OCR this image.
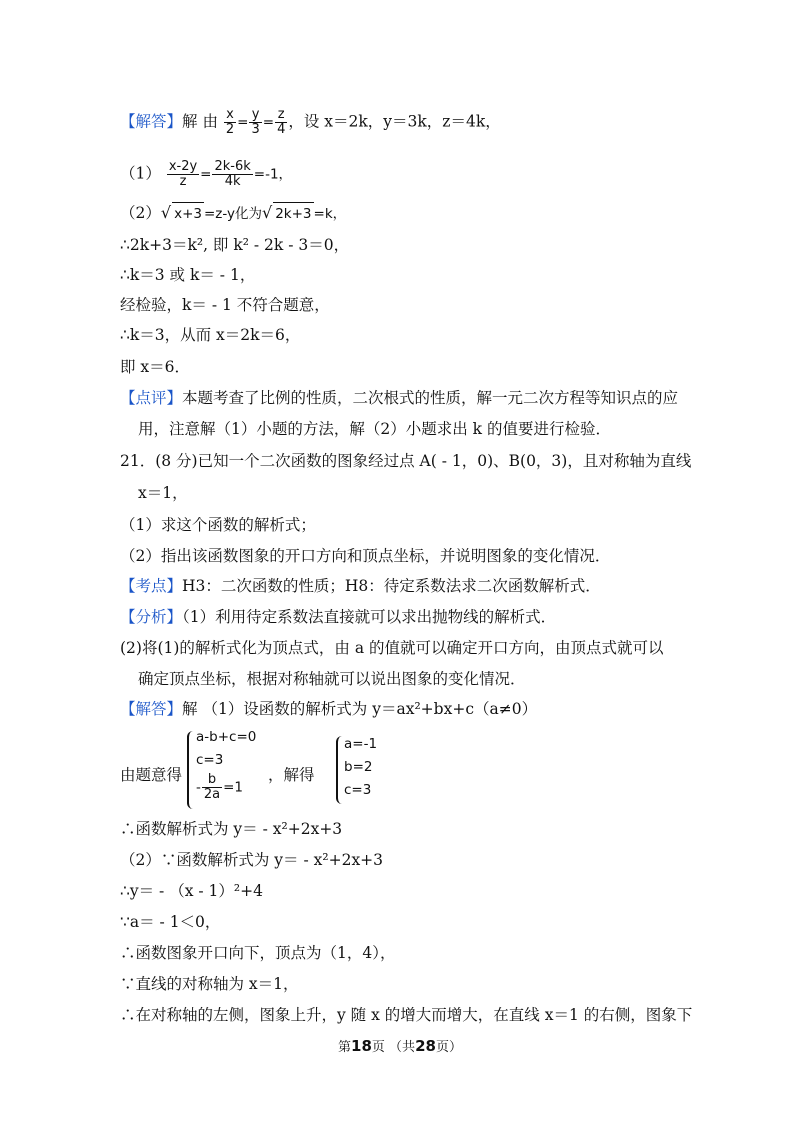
【解答】解 由 $\frac{x}{2} = \frac{y}{3} = \frac{z}{4}$ ，设 x＝2k，y＝3k，z＝4k，
$(1) \frac{x-2y}{z} = \frac{2k-6k}{4k} =-1$，
（2）√ x+3 =z-y化为√ 2k+3 =k，
∴2k+3＝k², 即 k² - 2k - 3＝0，
∴k＝3 或 k＝ - 1，
经检验，k＝ - 1 不符合题意，
∴k＝3，从而 x＝2k＝6，
即 x＝6．
【点评】本题考查了比例的性质，二次根式的性质，解一元二次方程等知识点的应
用，注意解（1）小题的方法，解（2）小题求出 k 的值要进行检验．
21．(8 分)已知一个二次函数的图象经过点 A( - 1，0)、B(0，3)，且对称轴为直线
x＝1，
（1）求这个函数的解析式；
（2）指出该函数图象的开口方向和顶点坐标，并说明图象的变化情况．
【考点】H3：二次函数的性质；H8：待定系数法求二次函数解析式．
【分析】（1）利用待定系数法直接就可以求出抛物线的解析式．
(2)将(1)的解析式化为顶点式，由 a 的值就可以确定开口方向，由顶点式就可以
确定顶点坐标，根据对称轴就可以说出图象的变化情况．
【解答】解 （1）设函数的解析式为 y＝ax²+bx+c（a≠0）
由题意得
a-b+c=0
c=3
- $\frac{b}{2a} =1$
，解得
a=-1
b=2
c=3
∴函数解析式为 y＝ - x²+2x+3
（2）∵函数解析式为 y＝ - x²+2x+3
∴y＝ - （x - 1）²+4
∵a＝ - 1＜0，
∴函数图象开口向下，顶点为（1，4），
∵直线的对称轴为 x＝1，
∴在对称轴的左侧，图象上升，y 随 x 的增大而增大，在直线 x＝1 的右侧，图象下
第18页 （共28页）
